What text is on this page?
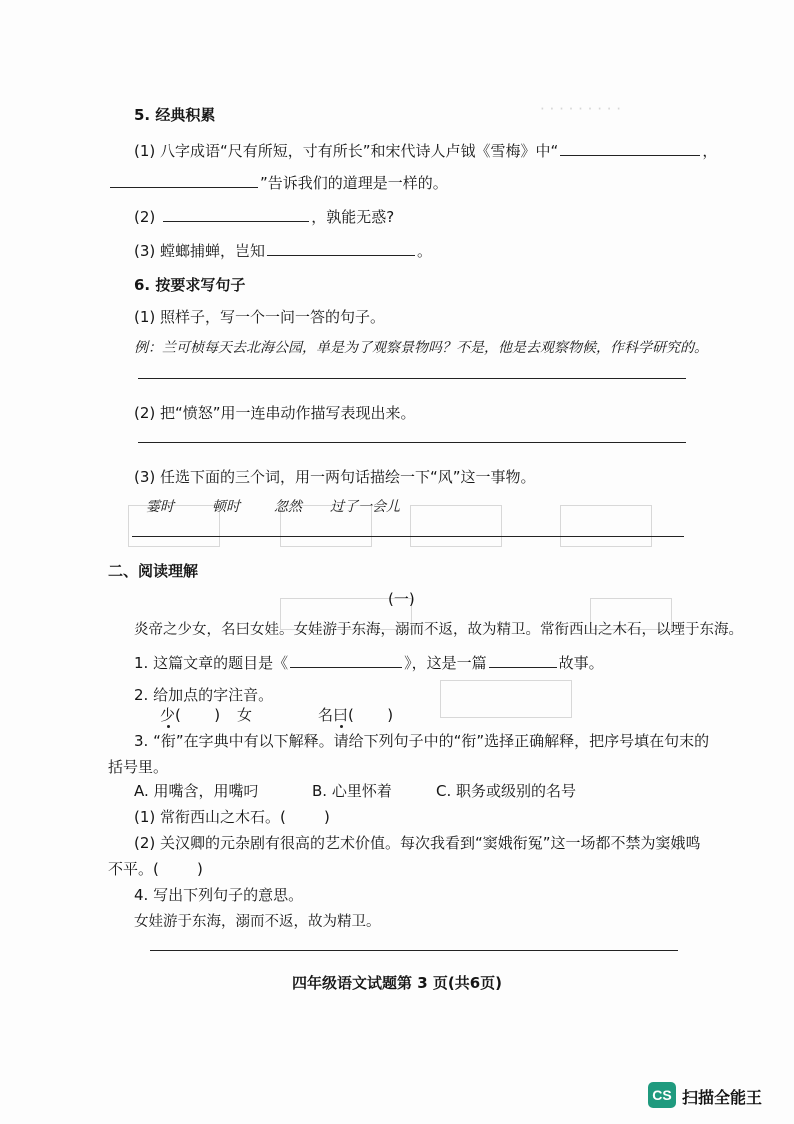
· · · · · · · · ·
5. 经典积累
(1) 八字成语“尺有所短，寸有所长”和宋代诗人卢钺《雪梅》中“	，
”告诉我们的道理是一样的。
(2)	，孰能无惑?
(3) 螳螂捕蝉，岂知	。
6. 按要求写句子
(1) 照样子，写一个一问一答的句子。
例：兰可桢每天去北海公园，单是为了观察景物吗？不是，他是去观察物候，作科学研究的。
(2) 把“愤怒”用一连串动作描写表现出来。
(3) 任选下面的三个词，用一两句话描绘一下“风”这一事物。
霎时	顿时 忽然 过了一会儿
二、阅读理解
(一)
炎帝之少女，名曰女娃。女娃游于东海，溺而不返，故为精卫。常衔西山之木石，以堙于东海。
1. 这篇文章的题目是《	》，这是一篇	故事。
2. 给加点的字注音。
少(       ) 女	名曰(       )
3. “衔”在字典中有以下解释。请给下列句子中的“衔”选择正确解释，把序号填在句末的
括号里。
A. 用嘴含，用嘴叼	B. 心里怀着	C. 职务或级别的名号
(1) 常衔西山之木石。(        )
(2) 关汉卿的元杂剧有很高的艺术价值。每次我看到“窦娥衔冤”这一场都不禁为窦娥鸣
不平。(        )
4. 写出下列句子的意思。
女娃游于东海，溺而不返，故为精卫。
四年级语文试题第 3 页(共6页)
CS 扫描全能王
